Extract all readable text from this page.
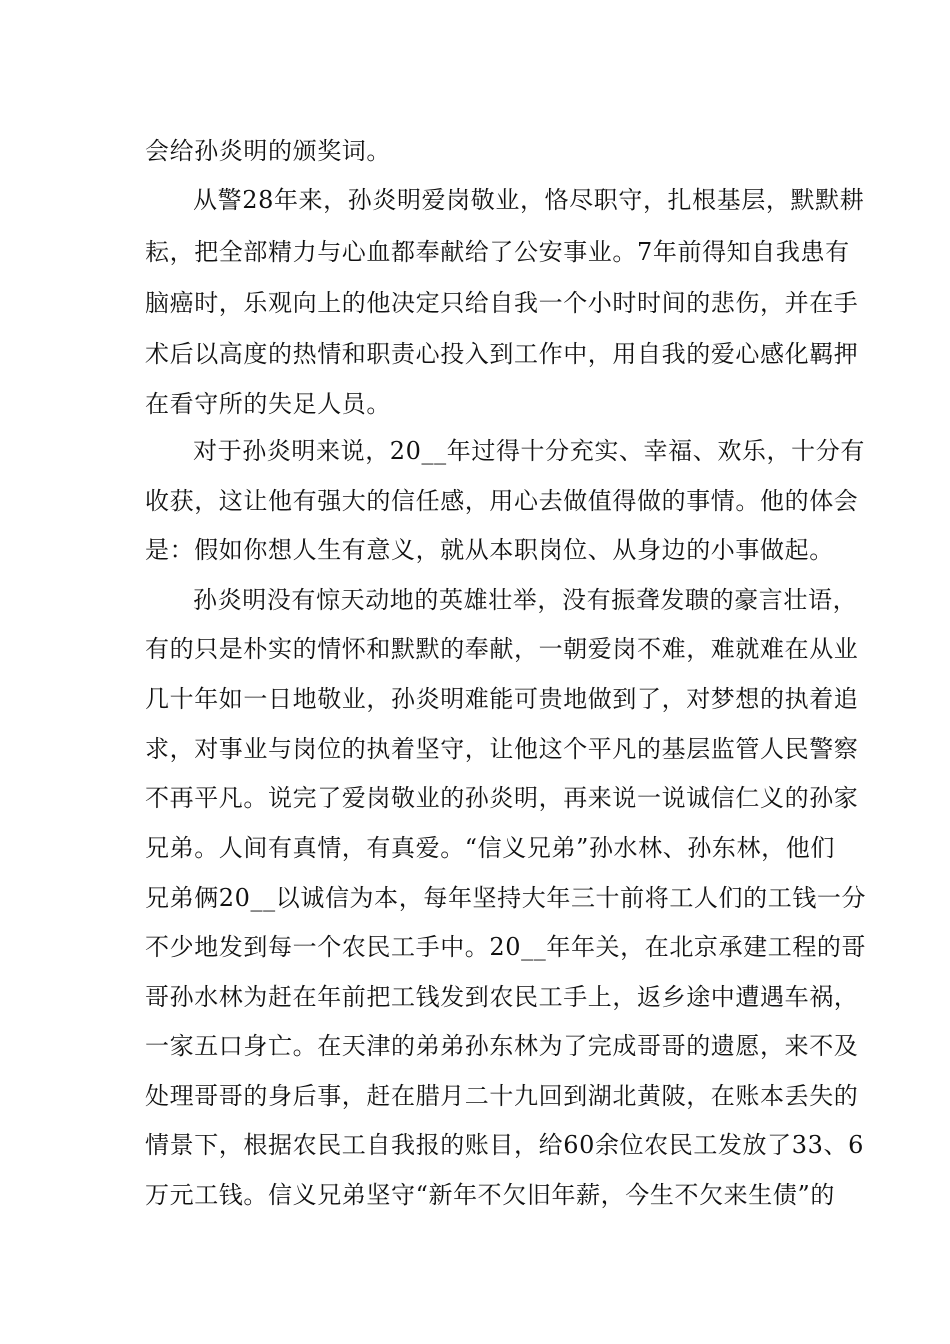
会给孙炎明的颁奖词。

从警28年来，孙炎明爱岗敬业，恪尽职守，扎根基层，默默耕

耘，把全部精力与心血都奉献给了公安事业。7年前得知自我患有

脑癌时，乐观向上的他决定只给自我一个小时时间的悲伤，并在手

术后以高度的热情和职责心投入到工作中，用自我的爱心感化羁押

在看守所的失足人员。

对于孙炎明来说，20__年过得十分充实、幸福、欢乐，十分有

收获，这让他有强大的信任感，用心去做值得做的事情。他的体会

是：假如你想人生有意义，就从本职岗位、从身边的小事做起。

孙炎明没有惊天动地的英雄壮举，没有振聋发聩的豪言壮语，

有的只是朴实的情怀和默默的奉献，一朝爱岗不难，难就难在从业

几十年如一日地敬业，孙炎明难能可贵地做到了，对梦想的执着追

求，对事业与岗位的执着坚守，让他这个平凡的基层监管人民警察

不再平凡。说完了爱岗敬业的孙炎明，再来说一说诚信仁义的孙家

兄弟。人间有真情，有真爱。“信义兄弟”孙水林、孙东林，他们

兄弟俩20__以诚信为本，每年坚持大年三十前将工人们的工钱一分

不少地发到每一个农民工手中。20__年年关，在北京承建工程的哥

哥孙水林为赶在年前把工钱发到农民工手上，返乡途中遭遇车祸，

一家五口身亡。在天津的弟弟孙东林为了完成哥哥的遗愿，来不及

处理哥哥的身后事，赶在腊月二十九回到湖北黄陂，在账本丢失的

情景下，根据农民工自我报的账目，给60余位农民工发放了33、6

万元工钱。信义兄弟坚守“新年不欠旧年薪，今生不欠来生债”的
